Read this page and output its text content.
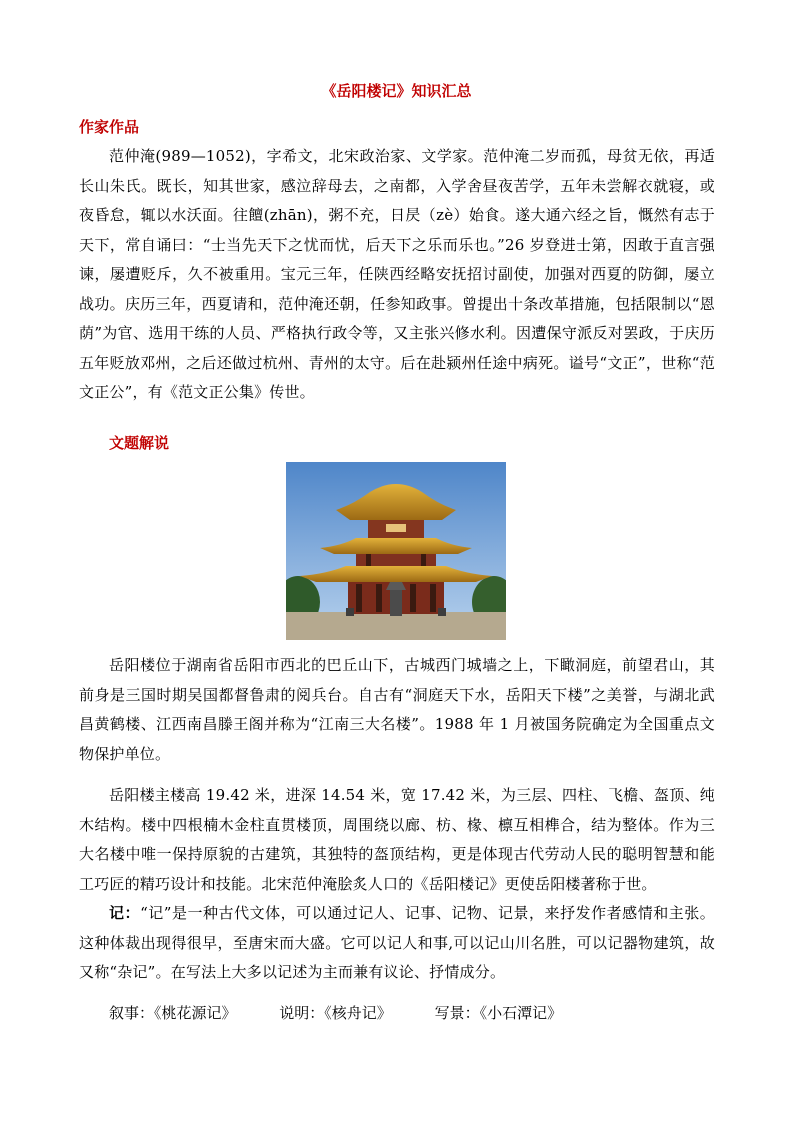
《岳阳楼记》知识汇总
作家作品
范仲淹(989—1052)，字希文，北宋政治家、文学家。范仲淹二岁而孤，母贫无依，再适长山朱氏。既长，知其世家，感泣辞母去，之南都，入学舍昼夜苦学，五年未尝解衣就寝，或夜昏怠，辄以水沃面。往饘(zhān)，粥不充，日昃（zè）始食。遂大通六经之旨，慨然有志于天下，常自诵曰：“士当先天下之忧而忧，后天下之乐而乐也。”26 岁登进士第，因敢于直言强谏，屡遭贬斥，久不被重用。宝元三年，任陕西经略安抚招讨副使，加强对西夏的防御，屡立战功。庆历三年，西夏请和，范仲淹还朝，任参知政事。曾提出十条改革措施，包括限制以“恩荫”为官、选用干练的人员、严格执行政令等，又主张兴修水利。因遭保守派反对罢政，于庆历五年贬放邓州，之后还做过杭州、青州的太守。后在赴颍州任途中病死。谥号“文正”，世称“范文正公”，有《范文正公集》传世。
文题解说
岳阳楼位于湖南省岳阳市西北的巴丘山下，古城西门城墙之上，下瞰洞庭，前望君山，其前身是三国时期吴国都督鲁肃的阅兵台。自古有“洞庭天下水，岳阳天下楼”之美誉，与湖北武昌黄鹤楼、江西南昌滕王阁并称为“江南三大名楼”。1988 年 1 月被国务院确定为全国重点文物保护单位。
岳阳楼主楼高 19.42 米，进深 14.54 米，宽 17.42 米，为三层、四柱、飞檐、盔顶、纯木结构。楼中四根楠木金柱直贯楼顶，周围绕以廊、枋、椽、檩互相榫合，结为整体。作为三大名楼中唯一保持原貌的古建筑，其独特的盔顶结构，更是体现古代劳动人民的聪明智慧和能工巧匠的精巧设计和技能。北宋范仲淹脍炙人口的《岳阳楼记》更使岳阳楼著称于世。
记：“记”是一种古代文体，可以通过记人、记事、记物、记景，来抒发作者感情和主张。这种体裁出现得很早，至唐宋而大盛。它可以记人和事,可以记山川名胜，可以记器物建筑，故又称“杂记”。在写法上大多以记述为主而兼有议论、抒情成分。
叙事：《桃花源记》	说明：《核舟记》	写景：《小石潭记》
